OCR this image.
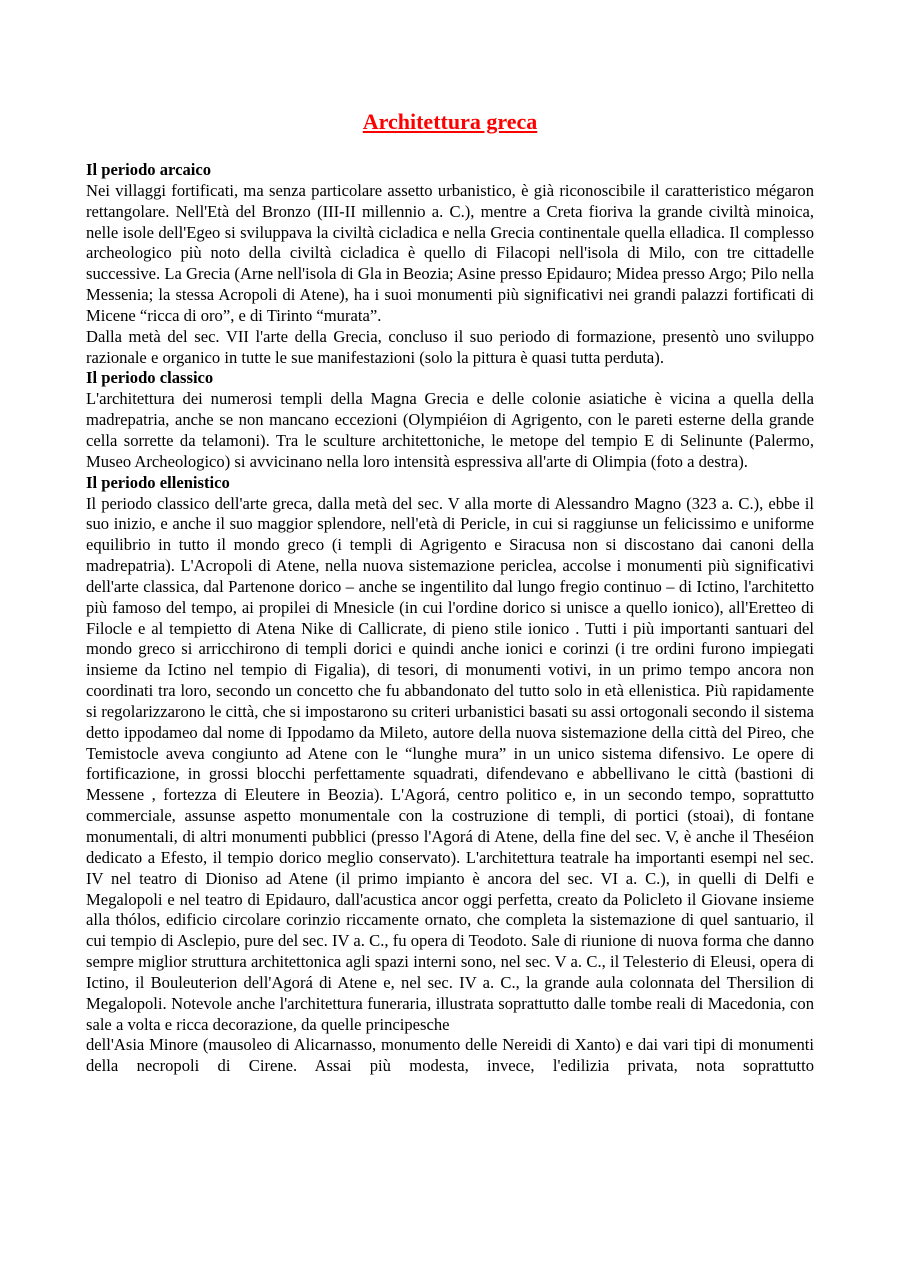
Architettura greca
Il periodo arcaico

Nei villaggi fortificati, ma senza particolare assetto urbanistico, è già riconoscibile il caratteristico mégaron rettangolare. Nell'Età del Bronzo (III-II millennio a. C.), mentre a Creta fioriva la grande civiltà minoica, nelle isole dell'Egeo si sviluppava la civiltà cicladica e nella Grecia continentale quella elladica. Il complesso archeologico più noto della civiltà cicladica è quello di Filacopi nell'isola di Milo, con tre cittadelle successive. La Grecia (Arne nell'isola di Gla in Beozia; Asine presso Epidauro; Midea presso Argo; Pilo nella Messenia; la stessa Acropoli di Atene), ha i suoi monumenti più significativi nei grandi palazzi fortificati di Micene “ricca di oro”, e di Tirinto “murata”.

Dalla metà del sec. VII l'arte della Grecia, concluso il suo periodo di formazione, presentò uno sviluppo razionale e organico in tutte le sue manifestazioni (solo la pittura è quasi tutta perduta).

Il periodo classico

L'architettura dei numerosi templi della Magna Grecia e delle colonie asiatiche è vicina a quella della madrepatria, anche se non mancano eccezioni (Olympiéion di Agrigento, con le pareti esterne della grande cella sorrette da telamoni). Tra le sculture architettoniche, le metope del tempio E di Selinunte (Palermo, Museo Archeologico) si avvicinano nella loro intensità espressiva all'arte di Olimpia (foto a destra).

Il periodo ellenistico

Il periodo classico dell'arte greca, dalla metà del sec. V alla morte di Alessandro Magno (323 a. C.), ebbe il suo inizio, e anche il suo maggior splendore, nell'età di Pericle, in cui si raggiunse un felicissimo e uniforme equilibrio in tutto il mondo greco (i templi di Agrigento e Siracusa non si discostano dai canoni della madrepatria). L'Acropoli di Atene, nella nuova sistemazione periclea, accolse i monumenti più significativi dell'arte classica, dal Partenone dorico – anche se ingentilito dal lungo fregio continuo – di Ictino, l'architetto più famoso del tempo, ai propilei di Mnesicle (in cui l'ordine dorico si unisce a quello ionico), all'Eretteo di Filocle e al tempietto di Atena Nike di Callicrate, di pieno stile ionico . Tutti i più importanti santuari del mondo greco si arricchirono di templi dorici e quindi anche ionici e corinzi (i tre ordini furono impiegati insieme da Ictino nel tempio di Figalia), di tesori, di monumenti votivi, in un primo tempo ancora non coordinati tra loro, secondo un concetto che fu abbandonato del tutto solo in età ellenistica. Più rapidamente si regolarizzarono le città, che si impostarono su criteri urbanistici basati su assi ortogonali secondo il sistema detto ippodameo dal nome di Ippodamo da Mileto, autore della nuova sistemazione della città del Pireo, che Temistocle aveva congiunto ad Atene con le “lunghe mura” in un unico sistema difensivo. Le opere di fortificazione, in grossi blocchi perfettamente squadrati, difendevano e abbellivano le città (bastioni di Messene , fortezza di Eleutere in Beozia). L'Agorá, centro politico e, in un secondo tempo, soprattutto commerciale, assunse aspetto monumentale con la costruzione di templi, di portici (stoai), di fontane monumentali, di altri monumenti pubblici (presso l'Agorá di Atene, della fine del sec. V, è anche il Theséion dedicato a Efesto, il tempio dorico meglio conservato). L'architettura teatrale ha importanti esempi nel sec. IV nel teatro di Dioniso ad Atene (il primo impianto è ancora del sec. VI a. C.), in quelli di Delfi e Megalopoli e nel teatro di Epidauro, dall'acustica ancor oggi perfetta, creato da Policleto il Giovane insieme alla thólos, edificio circolare corinzio riccamente ornato, che completa la sistemazione di quel santuario, il cui tempio di Asclepio, pure del sec. IV a. C., fu opera di Teodoto. Sale di riunione di nuova forma che danno sempre miglior struttura architettonica agli spazi interni sono, nel sec. V a. C., il Telesterio di Eleusi, opera di Ictino, il Bouleuterion dell'Agorá di Atene e, nel sec. IV a. C., la grande aula colonnata del Thersilion di Megalopoli. Notevole anche l'architettura funeraria, illustrata soprattutto dalle tombe reali di Macedonia, con sale a volta e ricca decorazione, da quelle principesche

dell'Asia Minore (mausoleo di Alicarnasso, monumento delle Nereidi di Xanto) e dai vari tipi di monumenti della necropoli di Cirene. Assai più modesta, invece, l'edilizia privata, nota soprattutto
